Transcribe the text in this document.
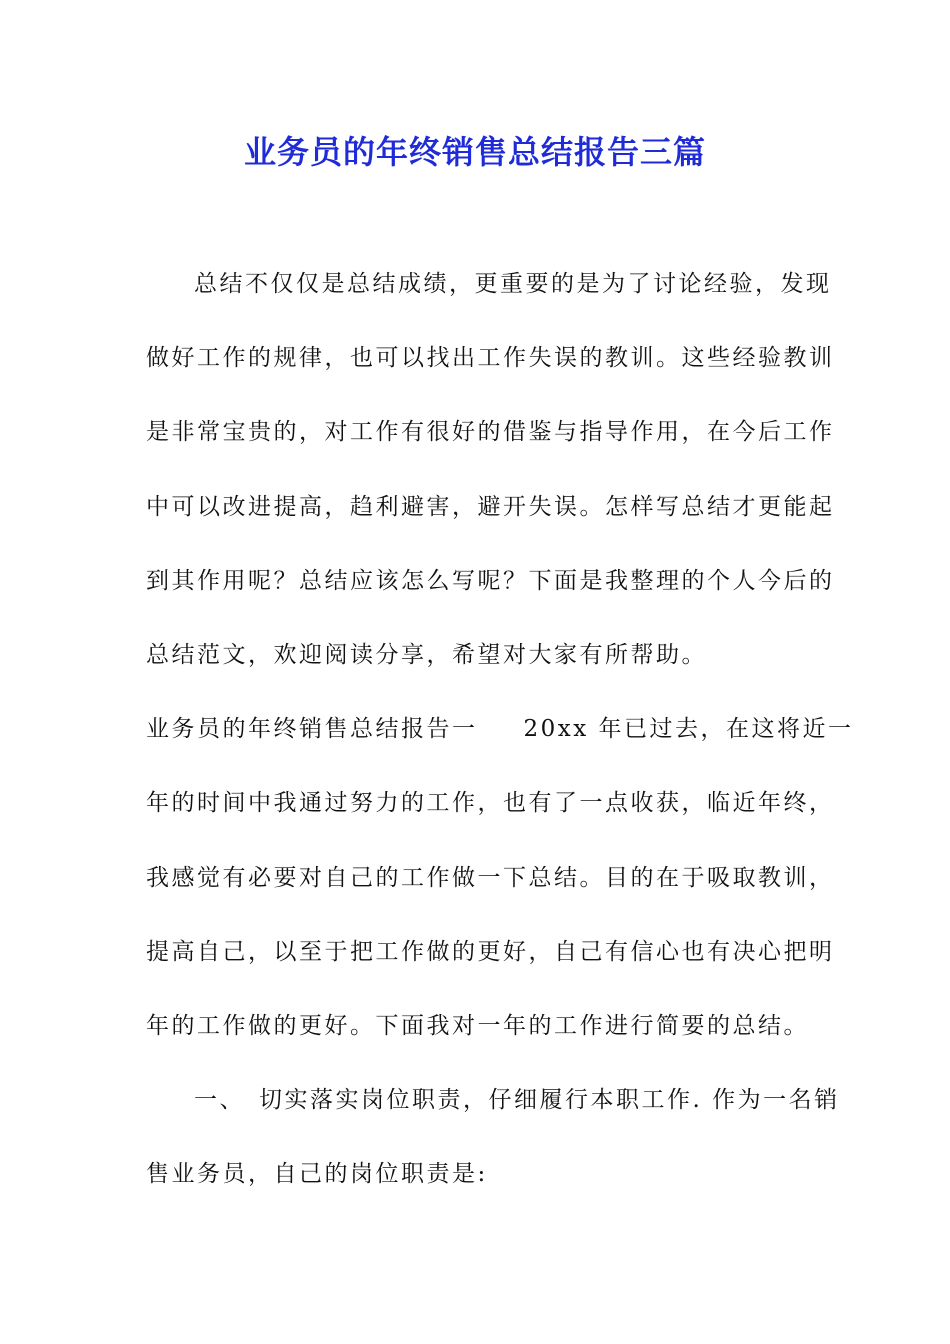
业务员的年终销售总结报告三篇
总结不仅仅是总结成绩，更重要的是为了讨论经验，发现
做好工作的规律，也可以找出工作失误的教训。这些经验教训
是非常宝贵的，对工作有很好的借鉴与指导作用，在今后工作
中可以改进提高，趋利避害，避开失误。怎样写总结才更能起
到其作用呢？总结应该怎么写呢？下面是我整理的个人今后的
总结范文，欢迎阅读分享，希望对大家有所帮助。
业务员的年终销售总结报告一 20xx 年已过去，在这将近一
年的时间中我通过努力的工作，也有了一点收获，临近年终，
我感觉有必要对自己的工作做一下总结。目的在于吸取教训，
提高自己，以至于把工作做的更好，自己有信心也有决心把明
年的工作做的更好。下面我对一年的工作进行简要的总结。
一、 切实落实岗位职责，仔细履行本职工作. 作为一名销
售业务员，自己的岗位职责是:
